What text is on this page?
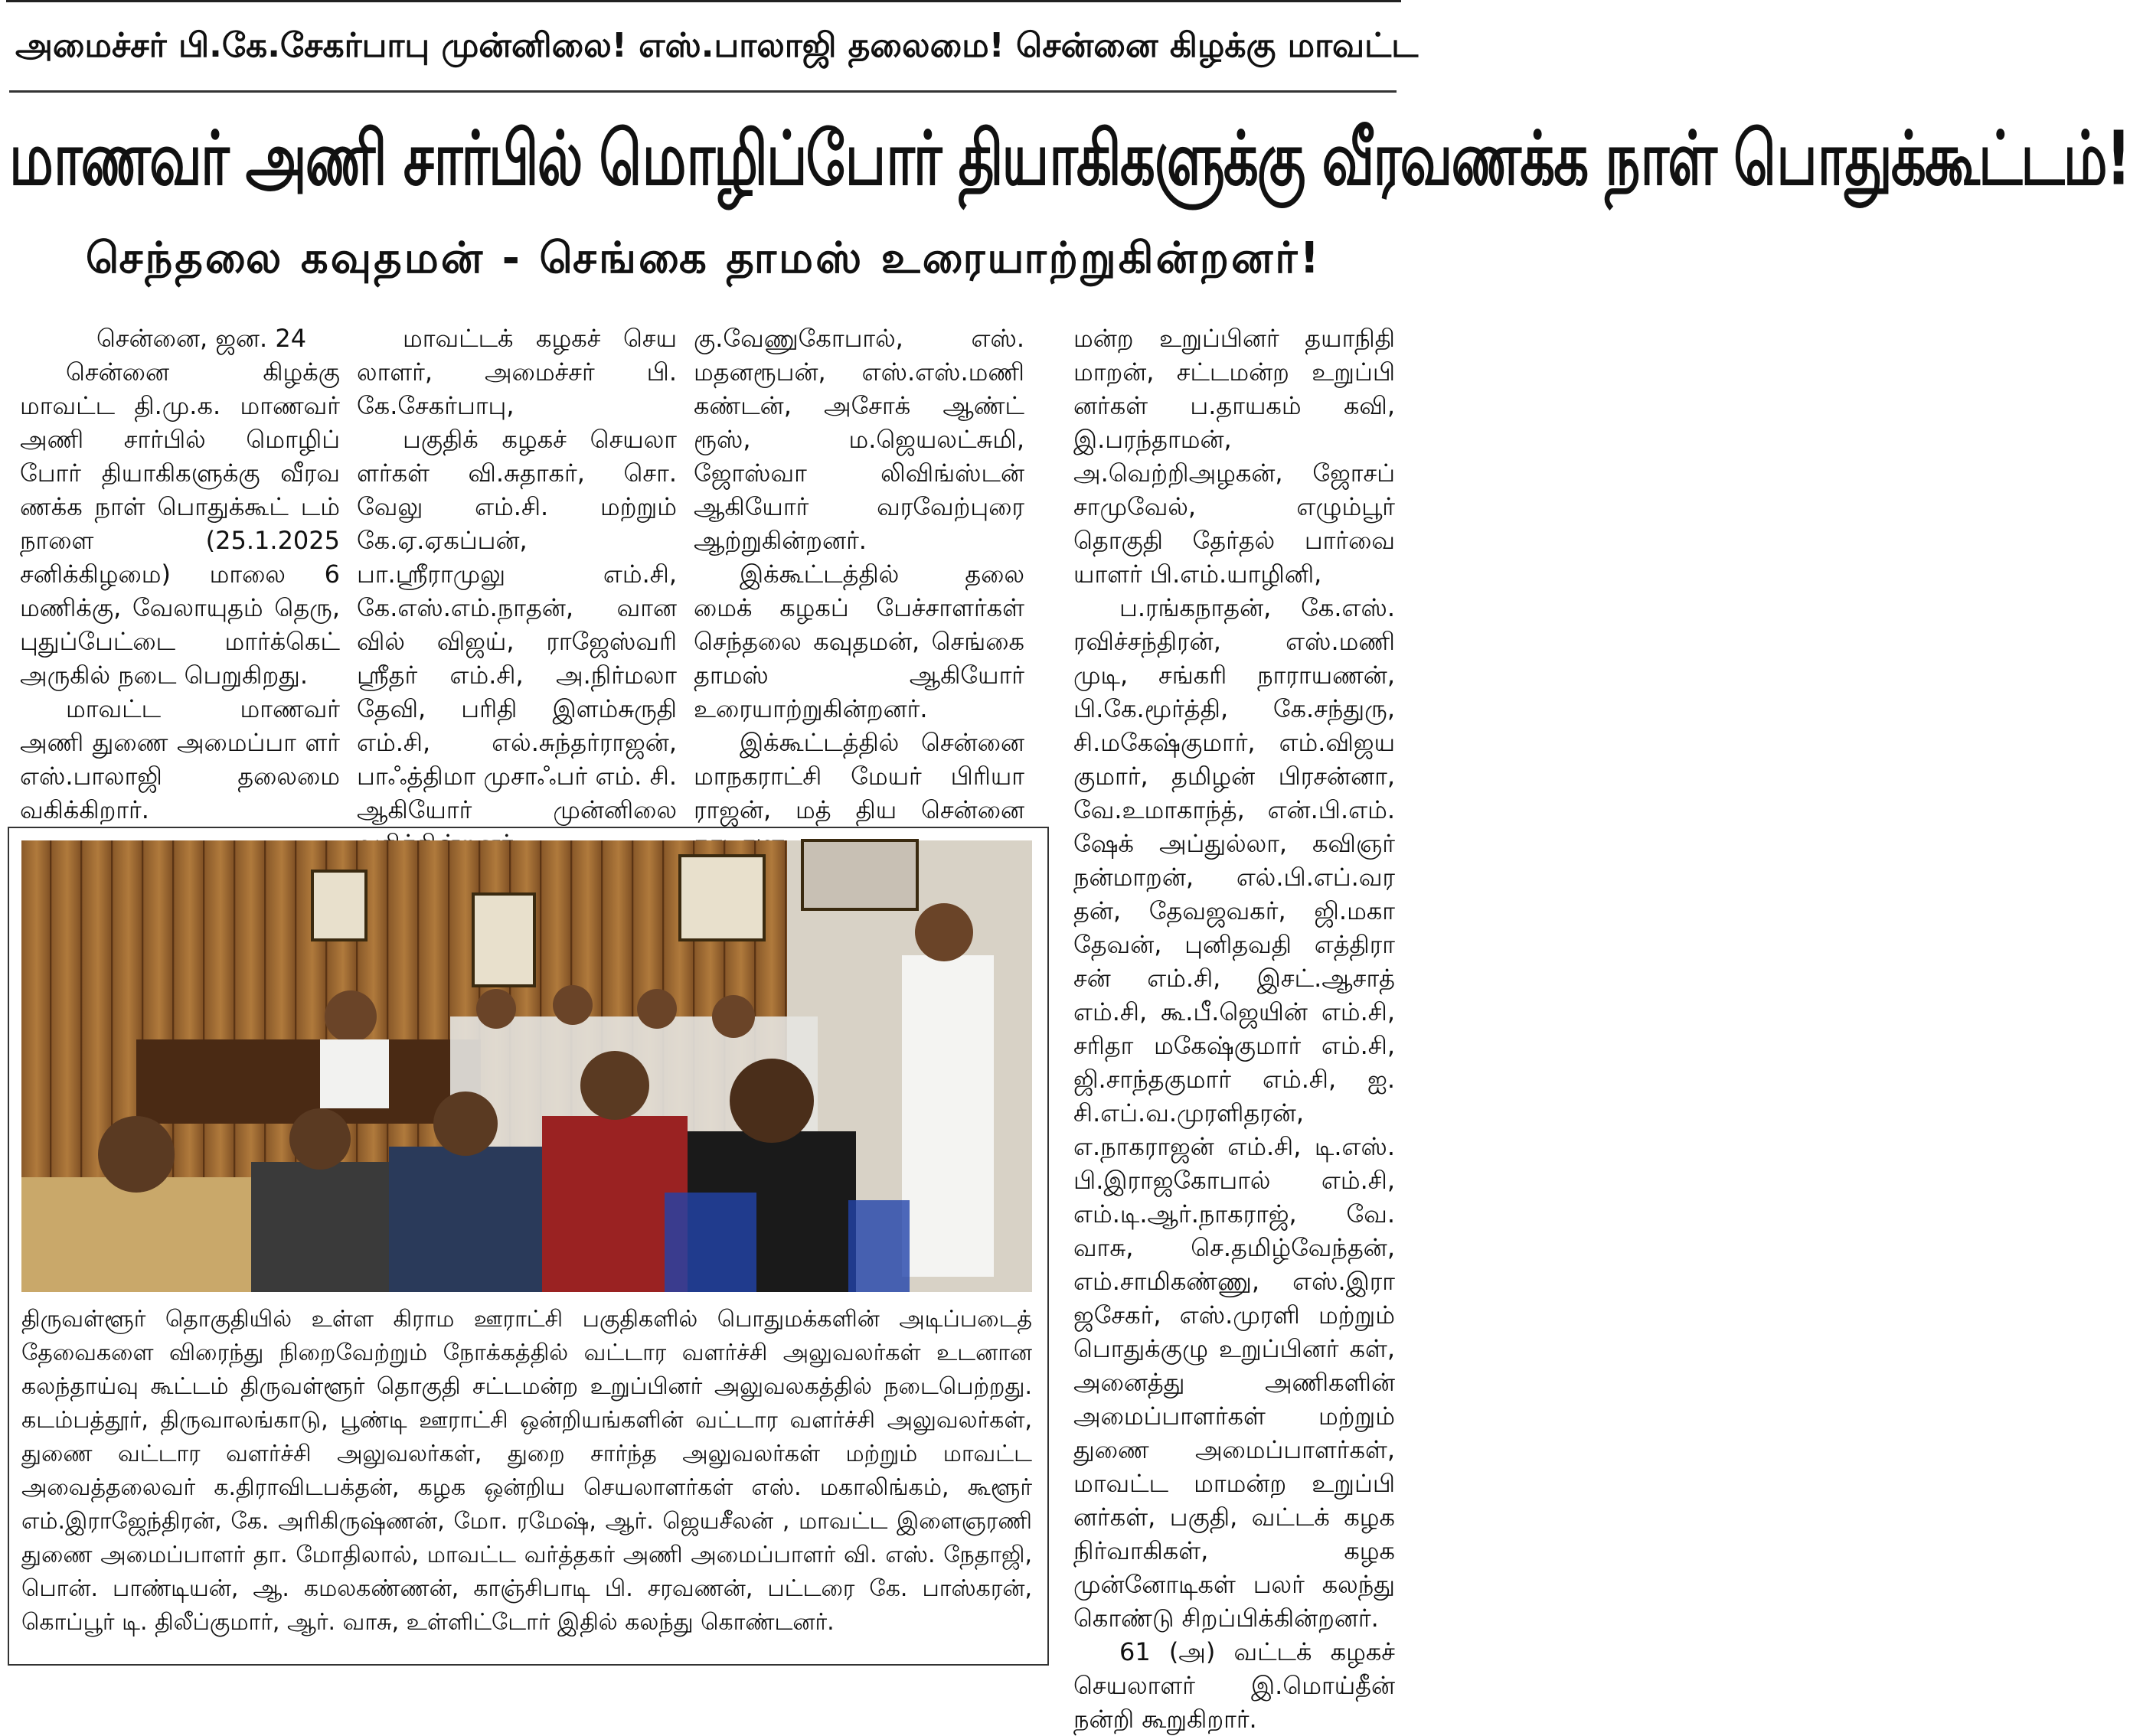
அமைச்சர் பி.கே.சேகர்பாபு முன்னிலை! எஸ்.பாலாஜி தலைமை! சென்னை கிழக்கு மாவட்ட
மாணவர் அணி சார்பில் மொழிப்போர் தியாகிகளுக்கு வீரவணக்க நாள் பொதுக்கூட்டம்!
செந்தலை கவுதமன் - செங்கை தாமஸ் உரையாற்றுகின்றனர்!

சென்னை, ஜன. 24

சென்னை கிழக்கு மாவட்ட தி.மு.க. மாணவர் அணி சார்பில் மொழிப் போர் தியாகிகளுக்கு வீரவ ணக்க நாள் பொதுக்கூட் டம் நாளை (25.1.2025 சனிக்கிழமை) மாலை 6 மணிக்கு, வேலாயுதம் தெரு, புதுப்பேட்டை மார்க்கெட் அருகில் நடை பெறுகிறது.

மாவட்ட மாணவர் அணி துணை அமைப்பா ளர் எஸ்.பாலாஜி தலைமை வகிக்கிறார்.

மாவட்டக் கழகச் செய லாளர், அமைச்சர் பி. கே.சேகர்பாபு,

பகுதிக் கழகச் செயலா ளர்கள் வி.சுதாகர், சொ. வேலு எம்.சி. மற்றும் கே.ஏ.ஏகப்பன், பா.ஸ்ரீராமுலு எம்.சி, கே.எஸ்.எம்.நாதன், வான வில் விஜய், ராஜேஸ்வரி ஸ்ரீதர் எம்.சி, அ.நிர்மலா தேவி, பரிதி இளம்சுருதி எம்.சி, எல்.சுந்தர்ராஜன், பாஃத்திமா முசாஃபர் எம். சி. ஆகியோர் முன்னிலை

கு.வேணுகோபால், எஸ். மதனரூபன், எஸ்.எஸ்.மணி கண்டன், அசோக் ஆண்ட் ரூஸ், ம.ஜெயலட்சுமி, ஜோஸ்வா லிவிங்ஸ்டன் ஆகியோர் வரவேற்புரை ஆற்றுகின்றனர்.

இக்கூட்டத்தில் தலை மைக் கழகப் பேச்சாளர்கள் செந்தலை கவுதமன், செங்கை தாமஸ் ஆகியோர் உரையாற்றுகின்றனர்.

இக்கூட்டத்தில் சென்னை மாநகராட்சி மேயர் பிரியா ராஜன், மத் திய சென்னை

மன்ற உறுப்பினர் தயாநிதி மாறன், சட்டமன்ற உறுப்பி னர்கள் ப.தாயகம் கவி, இ.பரந்தாமன், அ.வெற்றிஅழகன், ஜோசப் சாமுவேல், எழும்பூர் தொகுதி தேர்தல் பார்வை யாளர் பி.எம்.யாழினி,

ப.ரங்கநாதன், கே.எஸ். ரவிச்சந்திரன், எஸ்.மணி முடி, சங்கரி நாராயணன், பி.கே.மூர்த்தி, கே.சந்துரு, சி.மகேஷ்குமார், எம்.விஜய குமார், தமிழன் பிரசன்னா, வே.உமாகாந்த், என்.பி.எம். ஷேக் அப்துல்லா, கவிஞர் நன்மாறன், எல்.பி.எப்.வர தன், தேவஜவகர், ஜி.மகா தேவன், புனிதவதி எத்திரா சன் எம்.சி, இசட்.ஆசாத் எம்.சி, கூ.பீ.ஜெயின் எம்.சி, சரிதா மகேஷ்குமார் எம்.சி, ஜி.சாந்தகுமார் எம்.சி, ஐ. சி.எப்.வ.முரளிதரன், எ.நாகராஜன் எம்.சி, டி.எஸ். பி.இராஜகோபால் எம்.சி, எம்.டி.ஆர்.நாகராஜ், வே. வாசு, செ.தமிழ்வேந்தன், எம்.சாமிகண்ணு, எஸ்.இரா ஜசேகர், எஸ்.முரளி மற்றும் பொதுக்குழு உறுப்பினர் கள், அனைத்து அணிகளின் அமைப்பாளர்கள் மற்றும் துணை அமைப்பாளர்கள், மாவட்ட மாமன்ற உறுப்பி னர்கள், பகுதி, வட்டக் கழக நிர்வாகிகள், கழக முன்னோடிகள் பலர் கலந்து கொண்டு சிறப்பிக்கின்றனர்.

61 (அ) வட்டக் கழகச் செயலாளர் இ.மொய்தீன் நன்றி கூறுகிறார்.

திருவள்ளூர் தொகுதியில் உள்ள கிராம ஊராட்சி பகுதிகளில் பொதுமக்களின் அடிப்படைத் தேவைகளை விரைந்து நிறைவேற்றும் நோக்கத்தில் வட்டார வளர்ச்சி அலுவலர்கள் உடனான கலந்தாய்வு கூட்டம் திருவள்ளூர் தொகுதி சட்டமன்ற உறுப்பினர் அலுவலகத்தில் நடைபெற்றது. கடம்பத்தூர், திருவாலங்காடு, பூண்டி ஊராட்சி ஒன்றியங்களின் வட்டார வளர்ச்சி அலுவலர்கள், துணை வட்டார வளர்ச்சி அலுவலர்கள், துறை சார்ந்த அலுவலர்கள் மற்றும் மாவட்ட அவைத்தலைவர் க.திராவிடபக்தன், கழக ஒன்றிய செயலாளர்கள் எஸ். மகாலிங்கம், கூளூர் எம்.இராஜேந்திரன், கே. அரிகிருஷ்ணன், மோ. ரமேஷ், ஆர். ஜெயசீலன் , மாவட்ட இளைஞரணி துணை அமைப்பாளர் தா. மோதிலால், மாவட்ட வர்த்தகர் அணி அமைப்பாளர் வி. எஸ். நேதாஜி, பொன். பாண்டியன், ஆ. கமலகண்ணன், காஞ்சிபாடி பி. சரவணன், பட்டரை கே. பாஸ்கரன், கொப்பூர் டி. திலீப்குமார், ஆர். வாசு, உள்ளிட்டோர் இதில் கலந்து கொண்டனர்.
